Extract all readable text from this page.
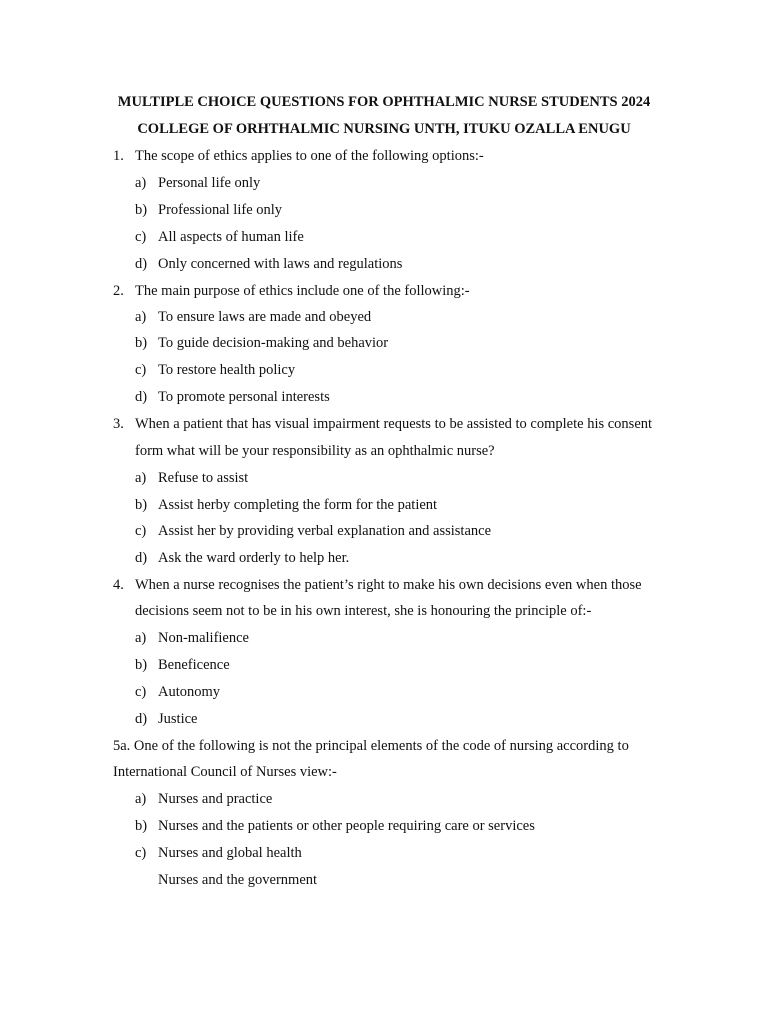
MULTIPLE CHOICE QUESTIONS FOR OPHTHALMIC NURSE STUDENTS 2024
COLLEGE OF ORHTHALMIC NURSING UNTH, ITUKU OZALLA ENUGU
1. The scope of ethics applies to one of the following options:-
a) Personal life only
b) Professional life only
c) All aspects of human life
d) Only concerned with laws and regulations
2. The main purpose of ethics include one of the following:-
a) To ensure laws are made and obeyed
b) To guide decision-making and behavior
c) To restore health policy
d) To promote personal interests
3. When a patient that has visual impairment requests to be assisted to complete his consent
form what will be your responsibility as an ophthalmic nurse?
a) Refuse to assist
b) Assist herby completing the form for the patient
c) Assist her by providing verbal explanation and assistance
d) Ask the ward orderly to help her.
4. When a nurse recognises the patient’s right to make his own decisions even when those
decisions seem not to be in his own interest, she is honouring the principle of:-
a) Non-malifience
b) Beneficence
c) Autonomy
d) Justice
5a. One of the following is not the principal elements of the code of nursing according to
International Council of Nurses view:-
a) Nurses and practice
b) Nurses and the patients or other people requiring care or services
c) Nurses and global health
Nurses and the government
